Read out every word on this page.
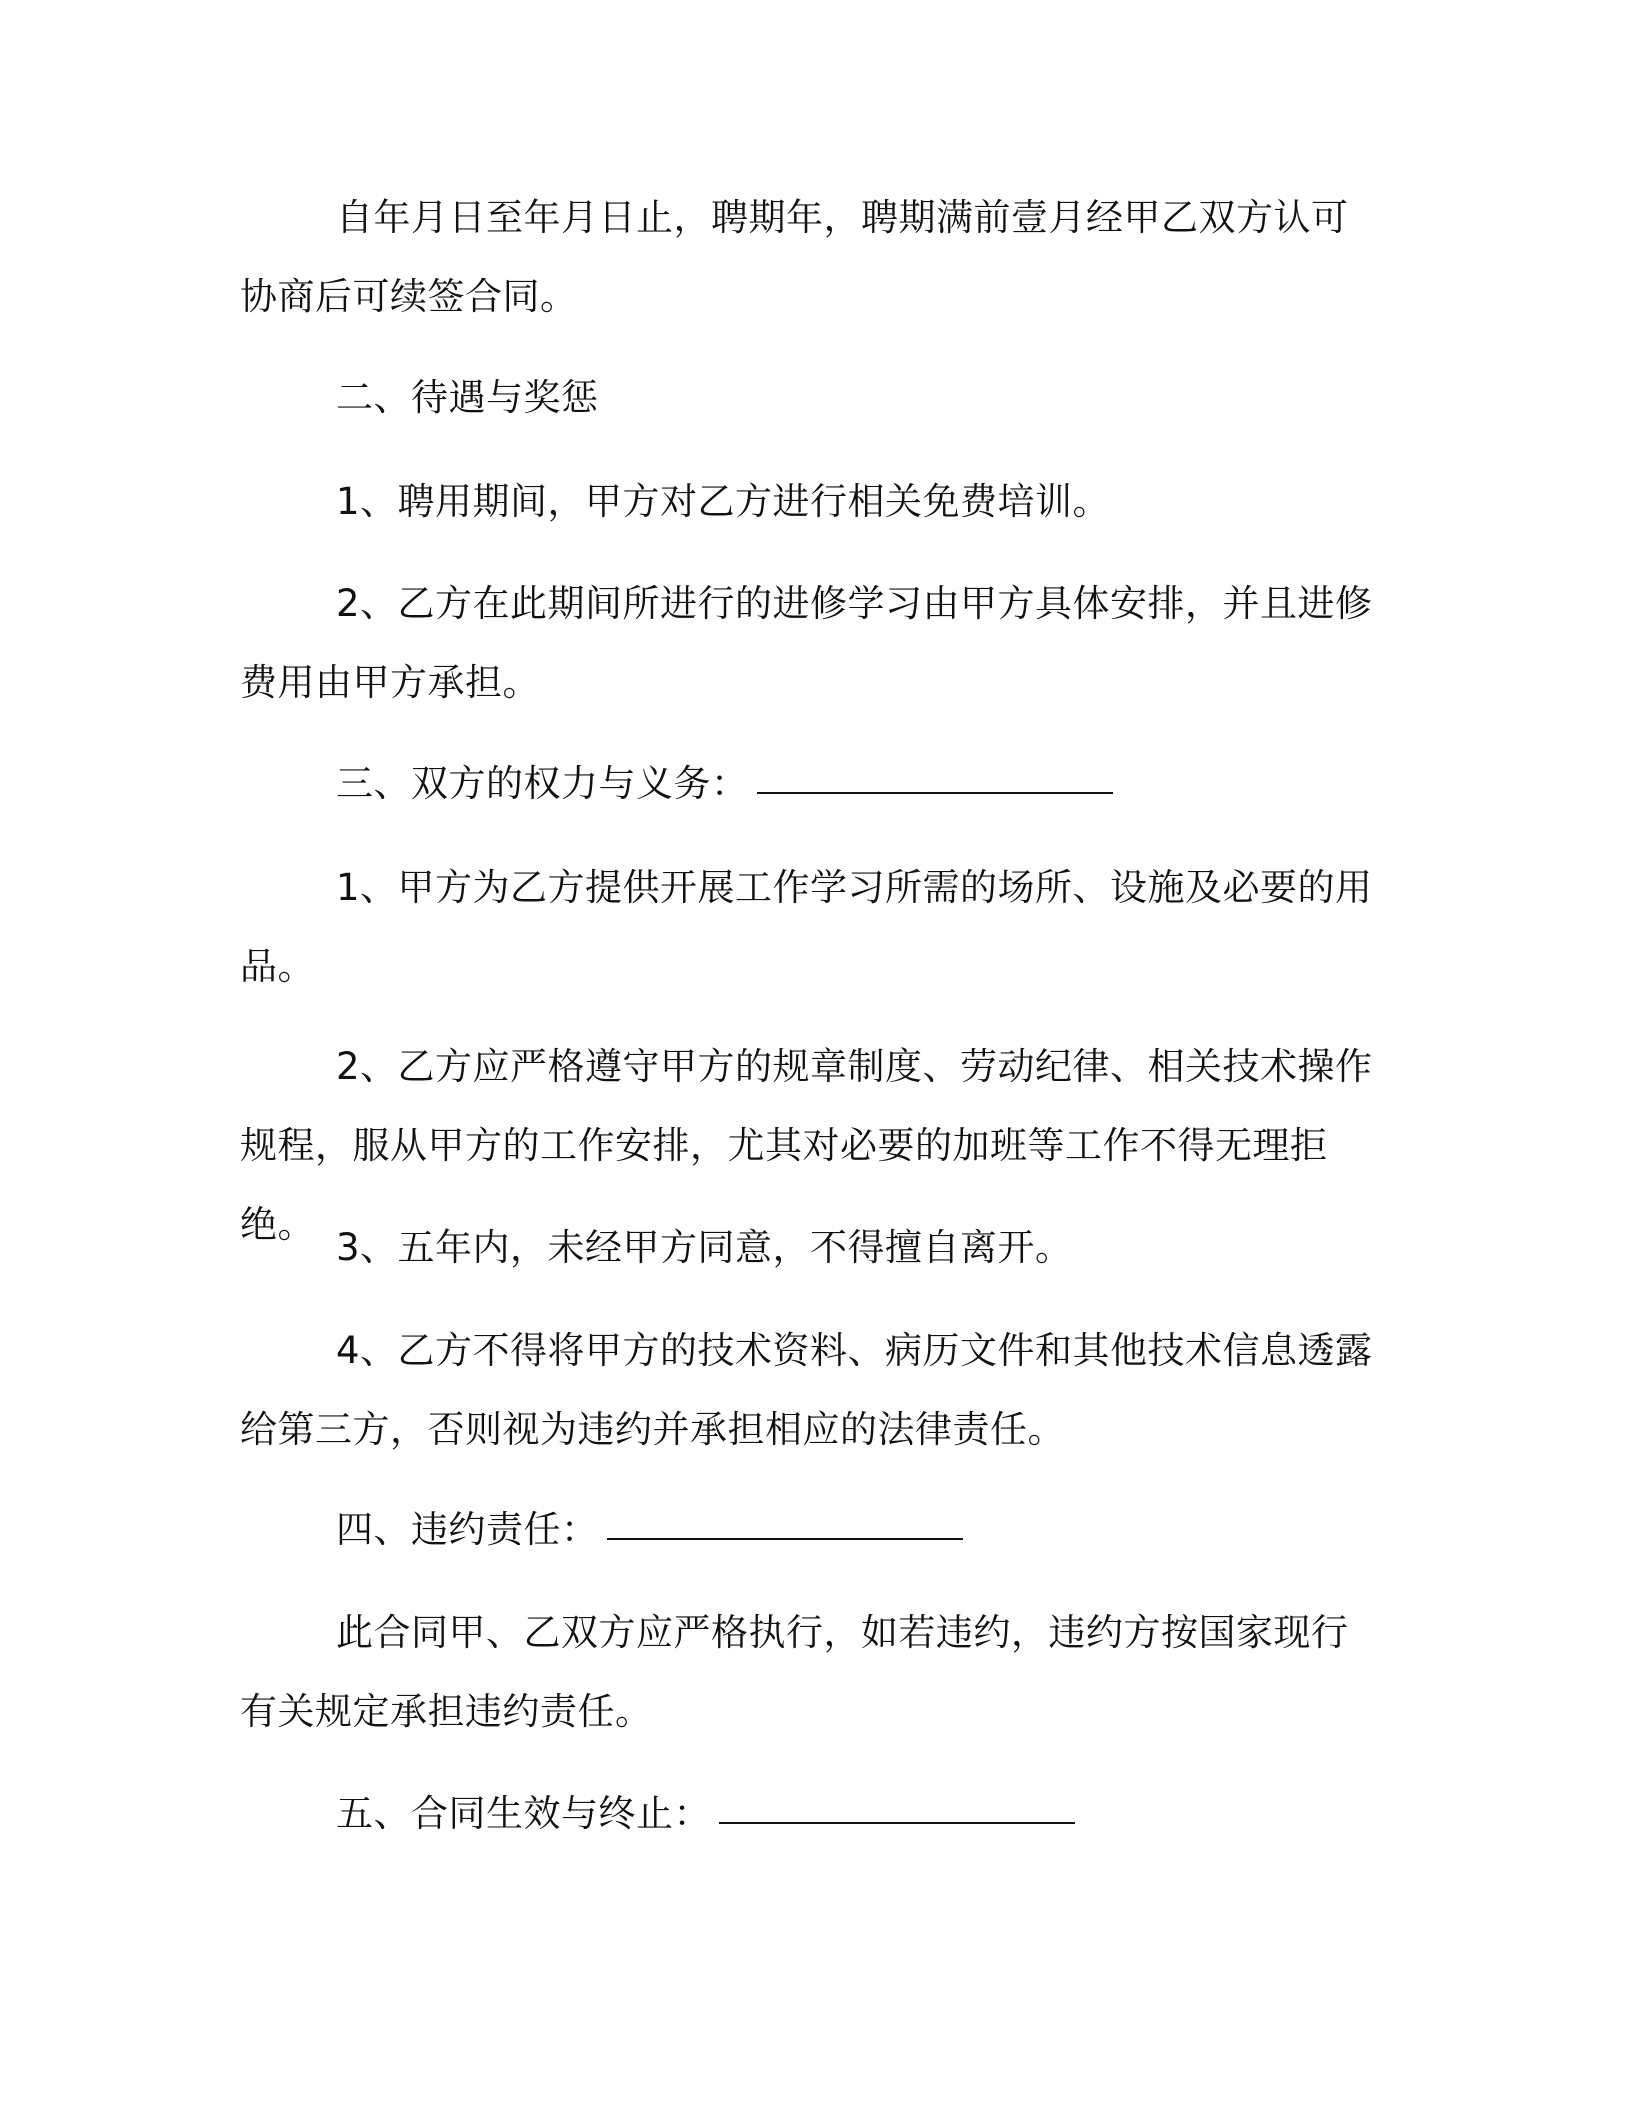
自年月日至年月日止，聘期年，聘期满前壹月经甲乙双方认可协商后可续签合同。
二、待遇与奖惩
1、聘用期间，甲方对乙方进行相关免费培训。
2、乙方在此期间所进行的进修学习由甲方具体安排，并且进修费用由甲方承担。
三、双方的权力与义务：
1、甲方为乙方提供开展工作学习所需的场所、设施及必要的用品。
2、乙方应严格遵守甲方的规章制度、劳动纪律、相关技术操作规程，服从甲方的工作安排，尤其对必要的加班等工作不得无理拒绝。
3、五年内，未经甲方同意，不得擅自离开。
4、乙方不得将甲方的技术资料、病历文件和其他技术信息透露给第三方，否则视为违约并承担相应的法律责任。
四、违约责任：
此合同甲、乙双方应严格执行，如若违约，违约方按国家现行有关规定承担违约责任。
五、合同生效与终止：
